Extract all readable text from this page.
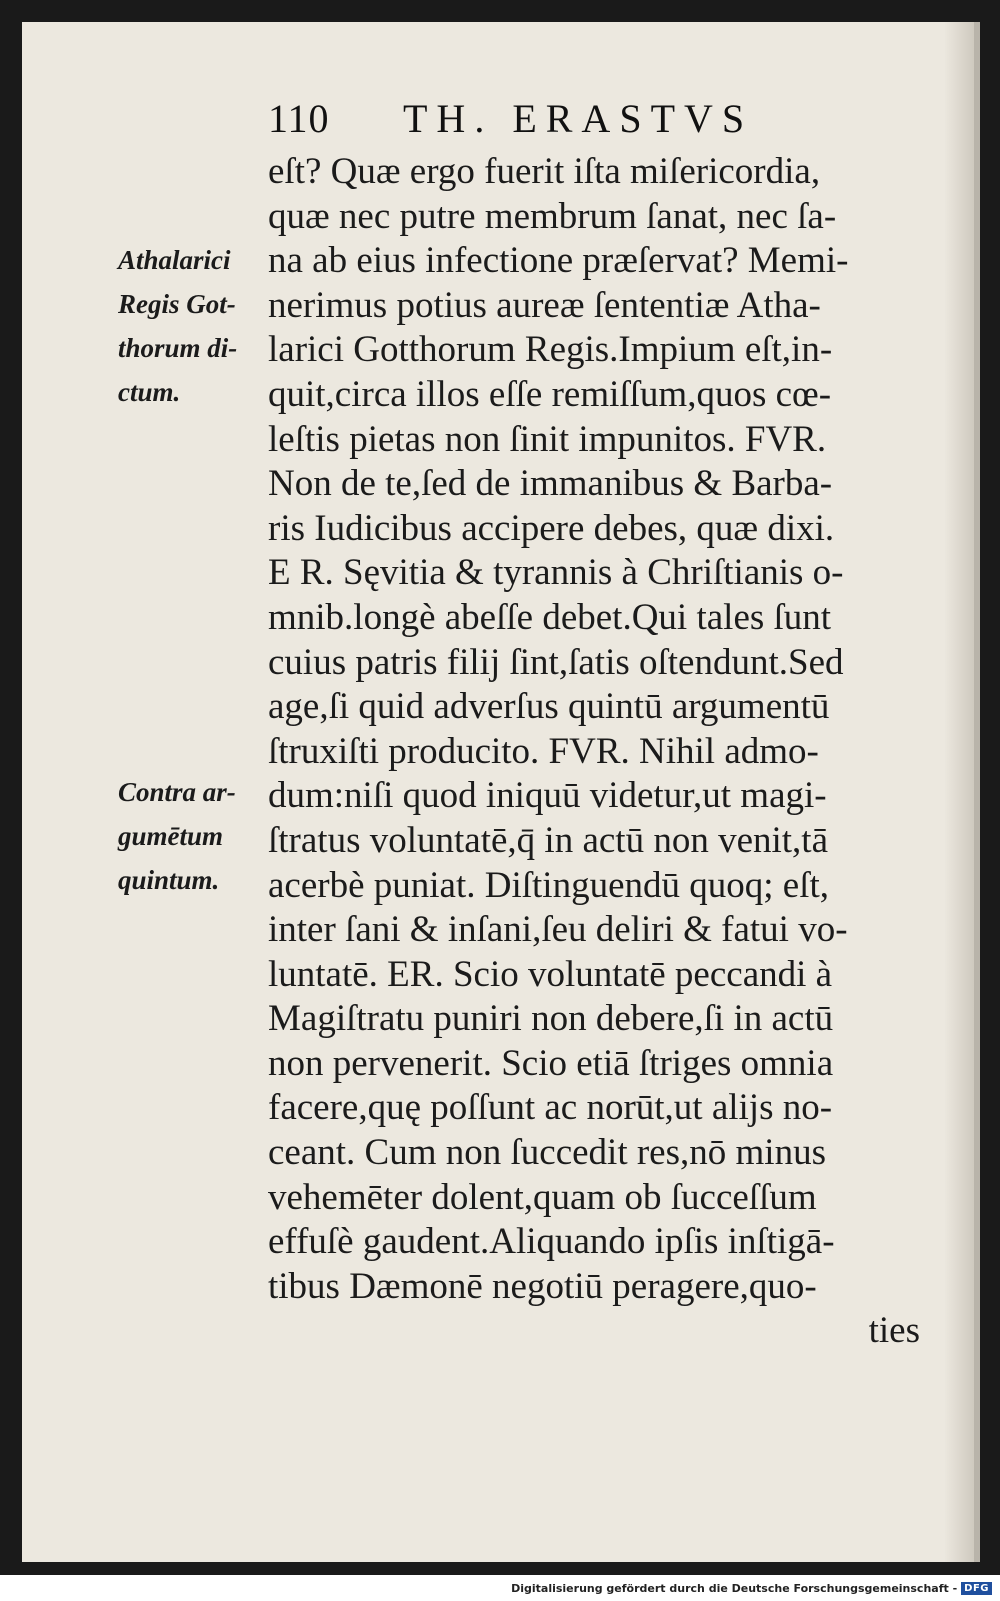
110 TH. ERASTVS
Athalarici
Regis Got-
thorum di-
ctum.
Contra ar-
gumētum
quintum.
eſt? Quæ ergo fuerit iſta miſericordia,
quæ nec putre membrum ſanat, nec ſa-
na ab eius infectione præſervat? Memi-
nerimus potius aureæ ſententiæ Atha-
larici Gotthorum Regis.Impium eſt,in-
quit,circa illos eſſe remiſſum,quos cœ-
leſtis pietas non ſinit impunitos. FVR.
Non de te,ſed de immanibus & Barba-
ris Iudicibus accipere debes, quæ dixi.
E R. Sęvitia & tyrannis à Chriſtianis o-
mnib.longè abeſſe debet.Qui tales ſunt
cuius patris filij ſint,ſatis oſtendunt.Sed
age,ſi quid adverſus quintū argumentū
ſtruxiſti producito. FVR. Nihil admo-
dum:niſi quod iniquū videtur,ut magi-
ſtratus voluntatē,q̄ in actū non venit,tā
acerbè puniat. Diſtinguendū quoq; eſt,
inter ſani & inſani,ſeu deliri & fatui vo-
luntatē. ER. Scio voluntatē peccandi à
Magiſtratu puniri non debere,ſi in actū
non pervenerit. Scio etiā ſtriges omnia
facere,quę poſſunt ac norūt,ut alijs no-
ceant. Cum non ſuccedit res,nō minus
vehemēter dolent,quam ob ſucceſſum
effuſè gaudent.Aliquando ipſis inſtigā-
tibus Dæmonē negotiū peragere,quo-
ties
Digitalisierung gefördert durch die Deutsche Forschungsgemeinschaft - DFG
